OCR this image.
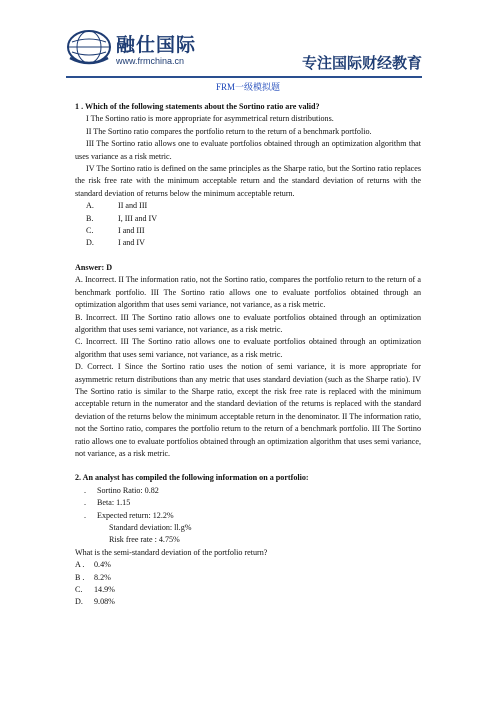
融仕国际
www.frmchina.cn	专注国际财经教育
FRM一级模拟题

1 . Which of the following statements about the Sortino ratio are valid?

I The Sortino ratio is more appropriate for asymmetrical return distributions.

II The Sortino ratio compares the portfolio return to the return of a benchmark portfolio.

III The Sortino ratio allows one to evaluate portfolios obtained through an optimization algorithm that uses variance as a risk metric.

IV The Sortino ratio is defined on the same principles as the Sharpe ratio, but the Sortino ratio replaces the risk free rate with the minimum acceptable return and the standard deviation of returns with the standard deviation of returns below the minimum acceptable return.

A.	II and III

B.	I, III and IV

C.	I and III

D.	I and IV

Answer: D

A. Incorrect. II The information ratio, not the Sortino ratio, compares the portfolio return to the return of a benchmark portfolio. III The Sortino ratio allows one to evaluate portfolios obtained through an optimization algorithm that uses semi variance, not variance, as a risk metric.

B. Incorrect. III The Sortino ratio allows one to evaluate portfolios obtained through an optimization algorithm that uses semi variance, not variance, as a risk metric.

C. Incorrect. III The Sortino ratio allows one to evaluate portfolios obtained through an optimization algorithm that uses semi variance, not variance, as a risk metric.

D. Correct. I Since the Sortino ratio uses the notion of semi variance, it is more appropriate for asymmetric return distributions than any metric that uses standard deviation (such as the Sharpe ratio). IV The Sortino ratio is similar to the Sharpe ratio, except the risk free rate is replaced with the minimum acceptable return in the numerator and the standard deviation of the returns is replaced with the standard deviation of the returns below the minimum acceptable return in the denominator. II The information ratio, not the Sortino ratio, compares the portfolio return to the return of a benchmark portfolio. III The Sortino ratio allows one to evaluate portfolios obtained through an optimization algorithm that uses semi variance, not variance, as a risk metric.

2. An analyst has compiled the following information on a portfolio:

. Sortino Ratio: 0.82

. Beta: 1.15

. Expected return: 12.2%

Standard deviation: ll.g%

Risk free rate : 4.75%

What is the semi-standard deviation of the portfolio return?

A . 0.4%

B . 8.2%

C. 14.9%

D. 9.08%
